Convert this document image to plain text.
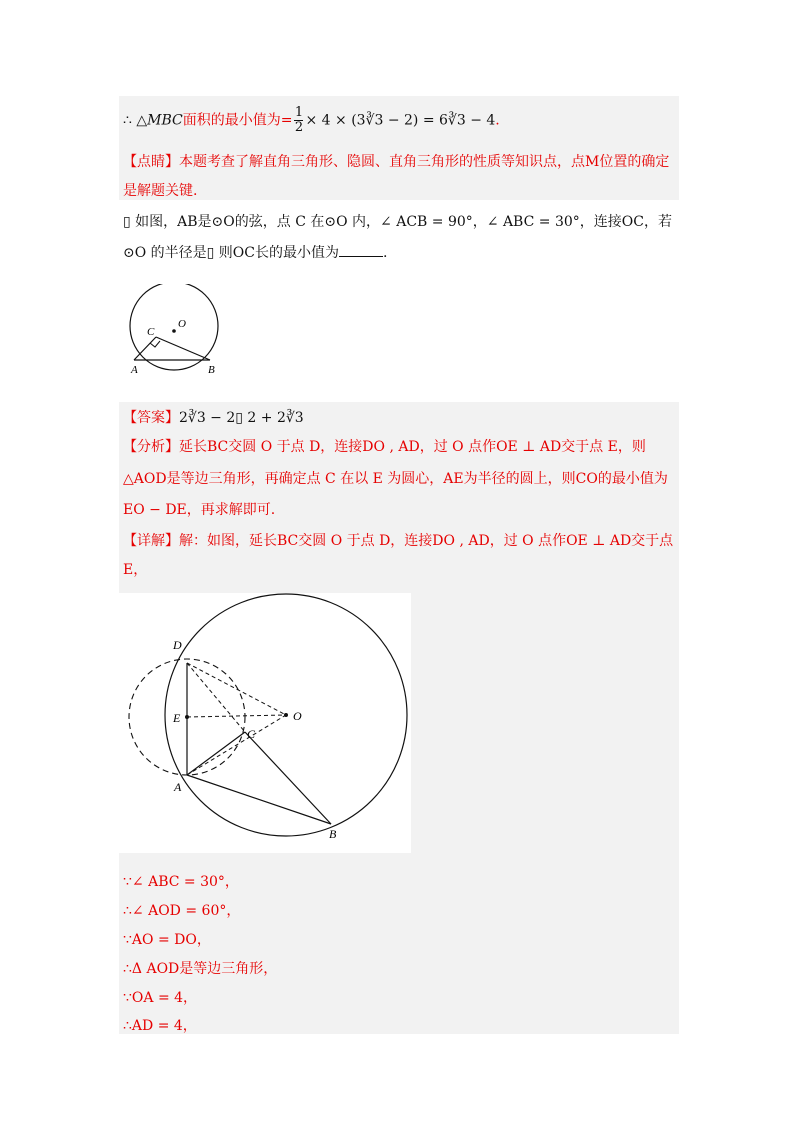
∴ △MBC面积的最小值为= $\frac{1}{2} \times 4$ × (3∛3 − 2) = 6∛3 − 4.
【点睛】本题考查了解直角三角形、隐圆、直角三角形的性质等知识点，点M位置的确定
是解题关键.
▯ 如图，AB是⊙O的弦，点 C 在⊙O 内，∠ ACB = 90°，∠ ABC = 30°，连接OC，若
⊙O 的半径是▯ 则OC长的最小值为	.
O
C
A	B
【答案】2∛3 − 2▯ 2 + 2∛3
【分析】延长BC交圆 O 于点 D，连接DO , AD，过 O 点作OE ⊥ AD交于点 E，则
△AOD是等边三角形，再确定点 C 在以 E 为圆心，AE为半径的圆上，则CO的最小值为
EO − DE，再求解即可.
【详解】解：如图，延长BC交圆 O 于点 D，连接DO , AD，过 O 点作OE ⊥ AD交于点
E，
D
E	O
C
A
B
∵∠ ABC = 30°，
∴∠ AOD = 60°，
∵AO = DO，
∴Δ AOD是等边三角形，
∵OA = 4，
∴AD = 4，
